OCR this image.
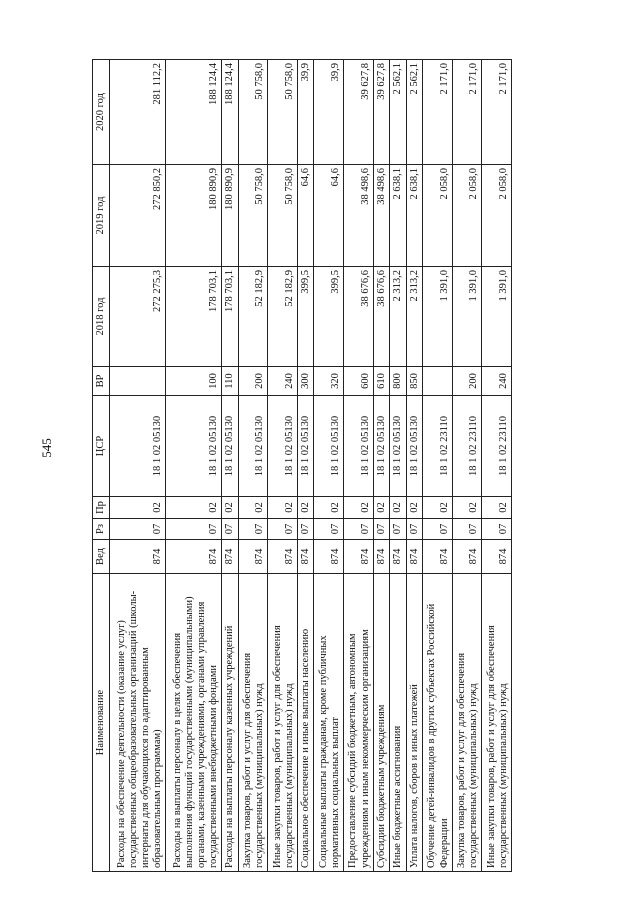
545
Наименование	Вед	Рз	Пр	ЦСР	ВР	2018 год	2019 год	2020 год
Расходы на обеспечение деятельности (оказание услуг) государственных общеобразовательных организаций (школы-интернаты для обучающихся по адаптированным образовательным программам)	874	07	02	18 1 02 05130		272 275,3	272 850,2	281 112,2
Расходы на выплаты персоналу в целях обеспечения выполнения функций государственными (муниципальными) органами, казенными учреждениями, органами управления государственными внебюджетными фондами	874	07	02	18 1 02 05130	100	178 703,1	180 890,9	188 124,4
Расходы на выплаты персоналу казенных учреждений	874	07	02	18 1 02 05130	110	178 703,1	180 890,9	188 124,4
Закупка товаров, работ и услуг для обеспечения государственных (муниципальных) нужд	874	07	02	18 1 02 05130	200	52 182,9	50 758,0	50 758,0
Иные закупки товаров, работ и услуг для обеспечения государственных (муниципальных) нужд	874	07	02	18 1 02 05130	240	52 182,9	50 758,0	50 758,0
Социальное обеспечение и иные выплаты населению	874	07	02	18 1 02 05130	300	399,5	64,6	39,9
Социальные выплаты гражданам, кроме публичных нормативных социальных выплат	874	07	02	18 1 02 05130	320	399,5	64,6	39,9
Предоставление субсидий бюджетным, автономным учреждениям и иным некоммерческим организациям	874	07	02	18 1 02 05130	600	38 676,6	38 498,6	39 627,8
Субсидии бюджетным учреждениям	874	07	02	18 1 02 05130	610	38 676,6	38 498,6	39 627,8
Иные бюджетные ассигнования	874	07	02	18 1 02 05130	800	2 313,2	2 638,1	2 562,1
Уплата налогов, сборов и иных платежей	874	07	02	18 1 02 05130	850	2 313,2	2 638,1	2 562,1
Обучение детей-инвалидов в других субъектах Российской Федерации	874	07	02	18 1 02 23110		1 391,0	2 058,0	2 171,0
Закупка товаров, работ и услуг для обеспечения государственных (муниципальных) нужд	874	07	02	18 1 02 23110	200	1 391,0	2 058,0	2 171,0
Иные закупки товаров, работ и услуг для обеспечения государственных (муниципальных) нужд	874	07	02	18 1 02 23110	240	1 391,0	2 058,0	2 171,0
